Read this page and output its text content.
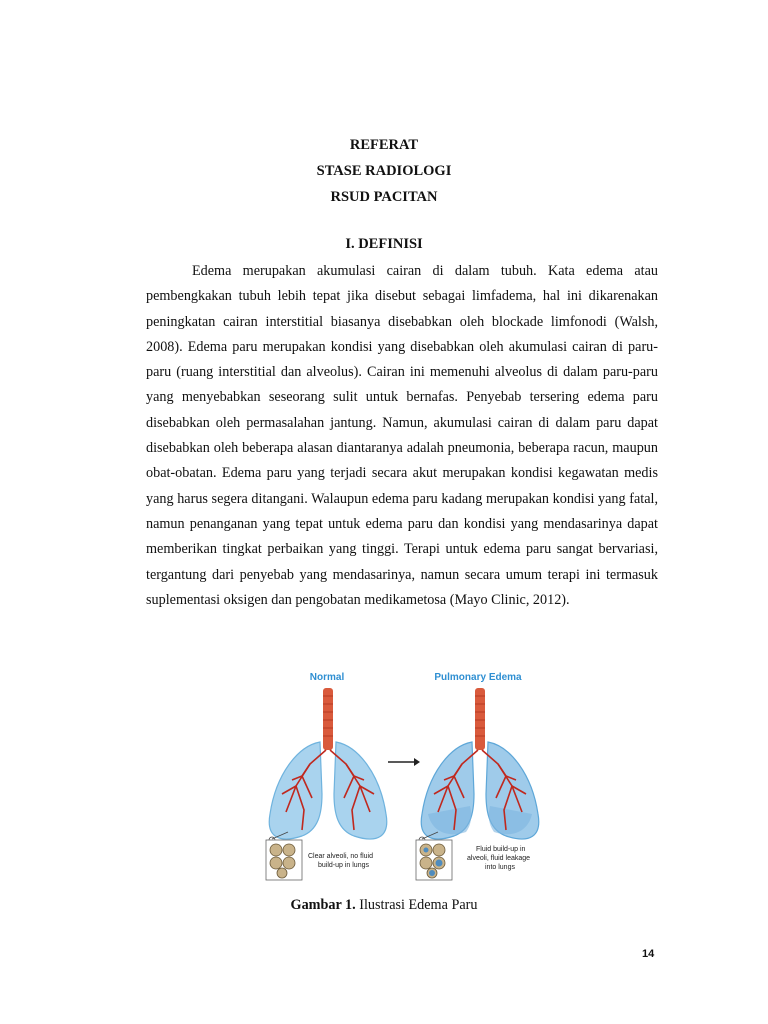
REFERAT
STASE RADIOLOGI
RSUD PACITAN
I. DEFINISI

Edema merupakan akumulasi cairan di dalam tubuh. Kata edema atau pembengkakan tubuh lebih tepat jika disebut sebagai limfadema, hal ini dikarenakan peningkatan cairan interstitial biasanya disebabkan oleh blockade limfonodi (Walsh, 2008). Edema paru merupakan kondisi yang disebabkan oleh akumulasi cairan di paru-paru (ruang interstitial dan alveolus). Cairan ini memenuhi alveolus di dalam paru-paru yang menyebabkan seseorang sulit untuk bernafas. Penyebab tersering edema paru disebabkan oleh permasalahan jantung. Namun, akumulasi cairan di dalam paru dapat disebabkan oleh beberapa alasan diantaranya adalah pneumonia, beberapa racun, maupun obat-obatan. Edema paru yang terjadi secara akut merupakan kondisi kegawatan medis yang harus segera ditangani. Walaupun edema paru kadang merupakan kondisi yang fatal, namun penanganan yang tepat untuk edema paru dan kondisi yang mendasarinya dapat memberikan tingkat perbaikan yang tinggi. Terapi untuk edema paru sangat bervariasi, tergantung dari penyebab yang mendasarinya, namun secara umum terapi ini termasuk suplementasi oksigen dan pengobatan medikametosa (Mayo Clinic, 2012).

Normal	Pulmonary Edema
Clear alveoli, no fluid
build-up in lungs
Fluid build-up in
alveoli, fluid leakage
into lungs
Gambar 1. Ilustrasi Edema Paru
14
